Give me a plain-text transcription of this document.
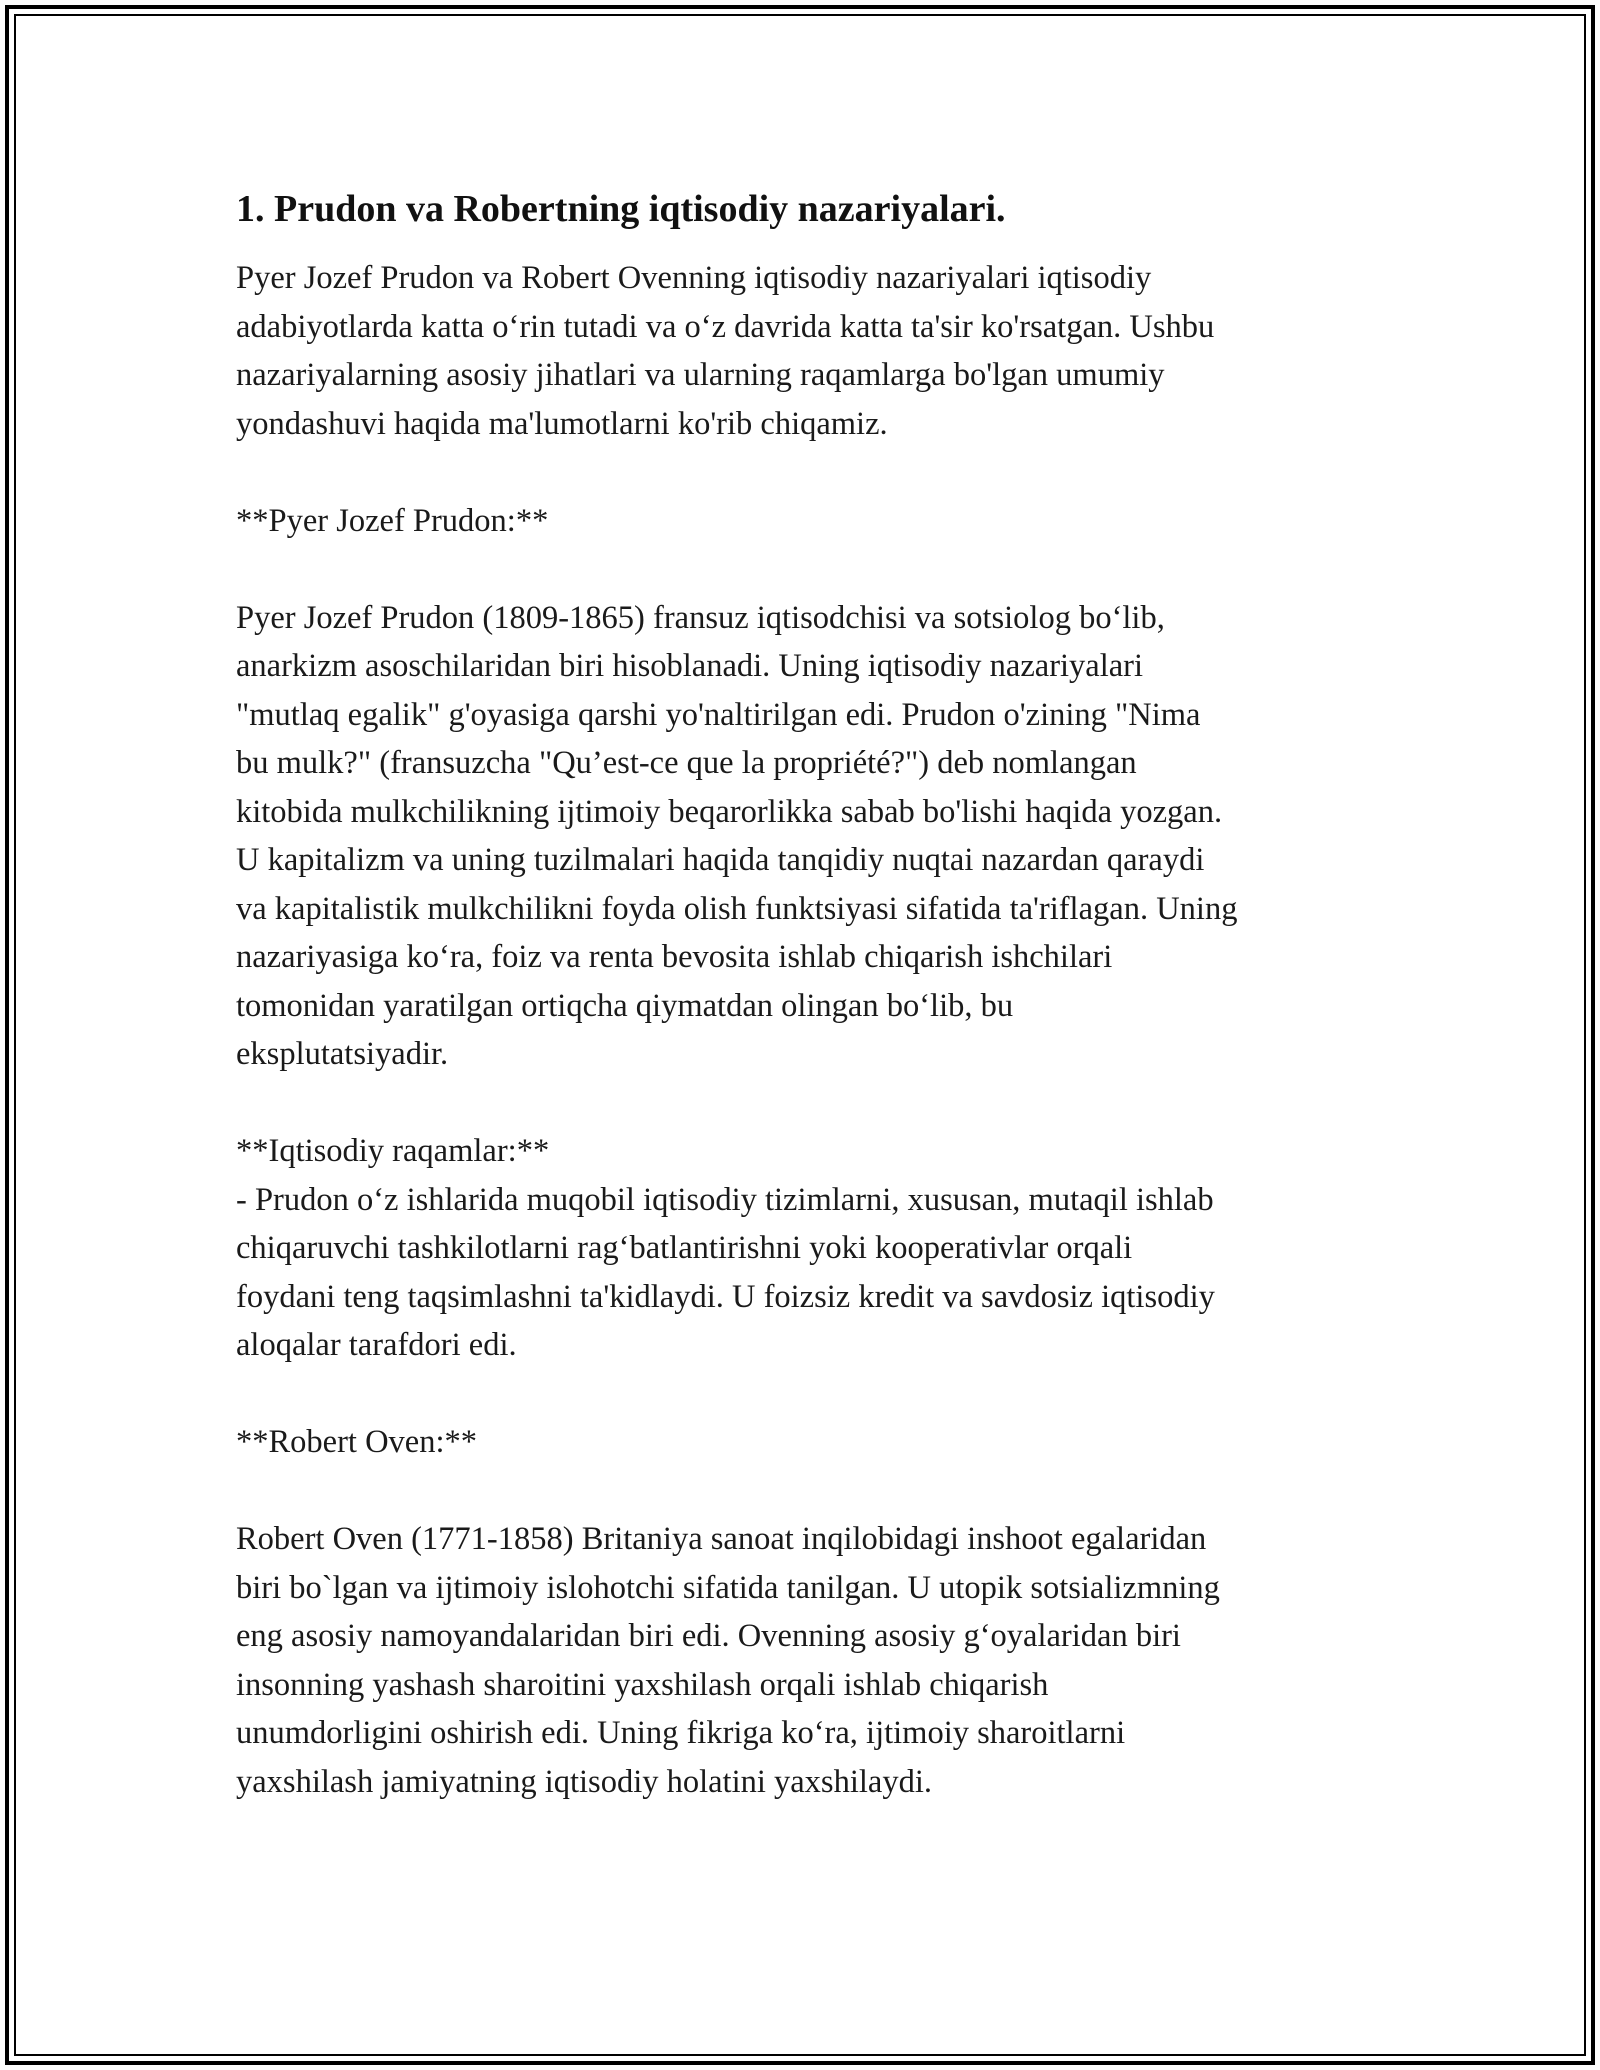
1. Prudon va Robertning iqtisodiy nazariyalari.

Pyer Jozef Prudon va Robert Ovenning iqtisodiy nazariyalari iqtisodiy
adabiyotlarda katta o‘rin tutadi va o‘z davrida katta ta'sir ko'rsatgan. Ushbu
nazariyalarning asosiy jihatlari va ularning raqamlarga bo'lgan umumiy
yondashuvi haqida ma'lumotlarni ko'rib chiqamiz.

**Pyer Jozef Prudon:**

Pyer Jozef Prudon (1809-1865) fransuz iqtisodchisi va sotsiolog bo‘lib,
anarkizm asoschilaridan biri hisoblanadi. Uning iqtisodiy nazariyalari
"mutlaq egalik" g'oyasiga qarshi yo'naltirilgan edi. Prudon o'zining "Nima
bu mulk?" (fransuzcha "Qu’est-ce que la propriété?") deb nomlangan
kitobida mulkchilikning ijtimoiy beqarorlikka sabab bo'lishi haqida yozgan.
U kapitalizm va uning tuzilmalari haqida tanqidiy nuqtai nazardan qaraydi
va kapitalistik mulkchilikni foyda olish funktsiyasi sifatida ta'riflagan. Uning
nazariyasiga ko‘ra, foiz va renta bevosita ishlab chiqarish ishchilari
tomonidan yaratilgan ortiqcha qiymatdan olingan bo‘lib, bu
eksplutatsiyadir.

**Iqtisodiy raqamlar:**

- Prudon o‘z ishlarida muqobil iqtisodiy tizimlarni, xususan, mutaqil ishlab
chiqaruvchi tashkilotlarni rag‘batlantirishni yoki kooperativlar orqali
foydani teng taqsimlashni ta'kidlaydi. U foizsiz kredit va savdosiz iqtisodiy
aloqalar tarafdori edi.

**Robert Oven:**

Robert Oven (1771-1858) Britaniya sanoat inqilobidagi inshoot egalaridan
biri bo`lgan va ijtimoiy islohotchi sifatida tanilgan. U utopik sotsializmning
eng asosiy namoyandalaridan biri edi. Ovenning asosiy g‘oyalaridan biri
insonning yashash sharoitini yaxshilash orqali ishlab chiqarish
unumdorligini oshirish edi. Uning fikriga ko‘ra, ijtimoiy sharoitlarni
yaxshilash jamiyatning iqtisodiy holatini yaxshilaydi.
